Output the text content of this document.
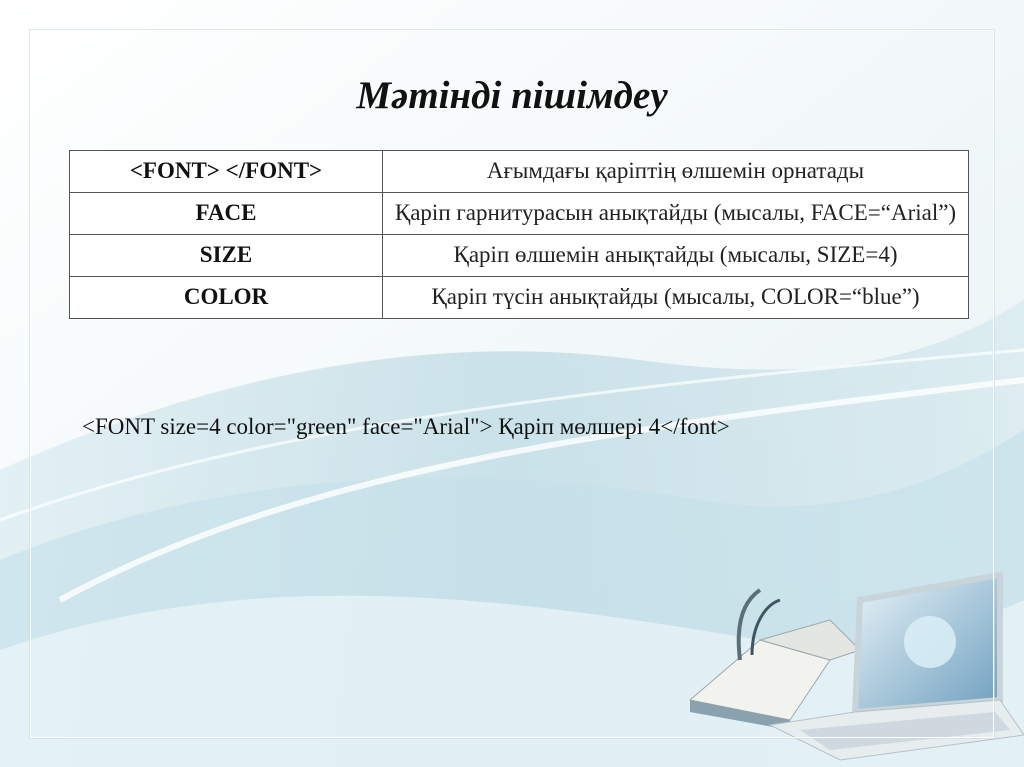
Мәтінді пішімдеу
<FONT> </FONT>	Ағымдағы қаріптің өлшемін орнатады
FACE	Қаріп гарнитурасын анықтайды (мысалы, FACE=“Arial”)
SIZE	Қаріп өлшемін анықтайды (мысалы, SIZE=4)
COLOR	Қаріп түсін анықтайды (мысалы, COLOR=“blue”)
<FONT size=4 color="green" face="Arial"> Қаріп мөлшері 4</font>
